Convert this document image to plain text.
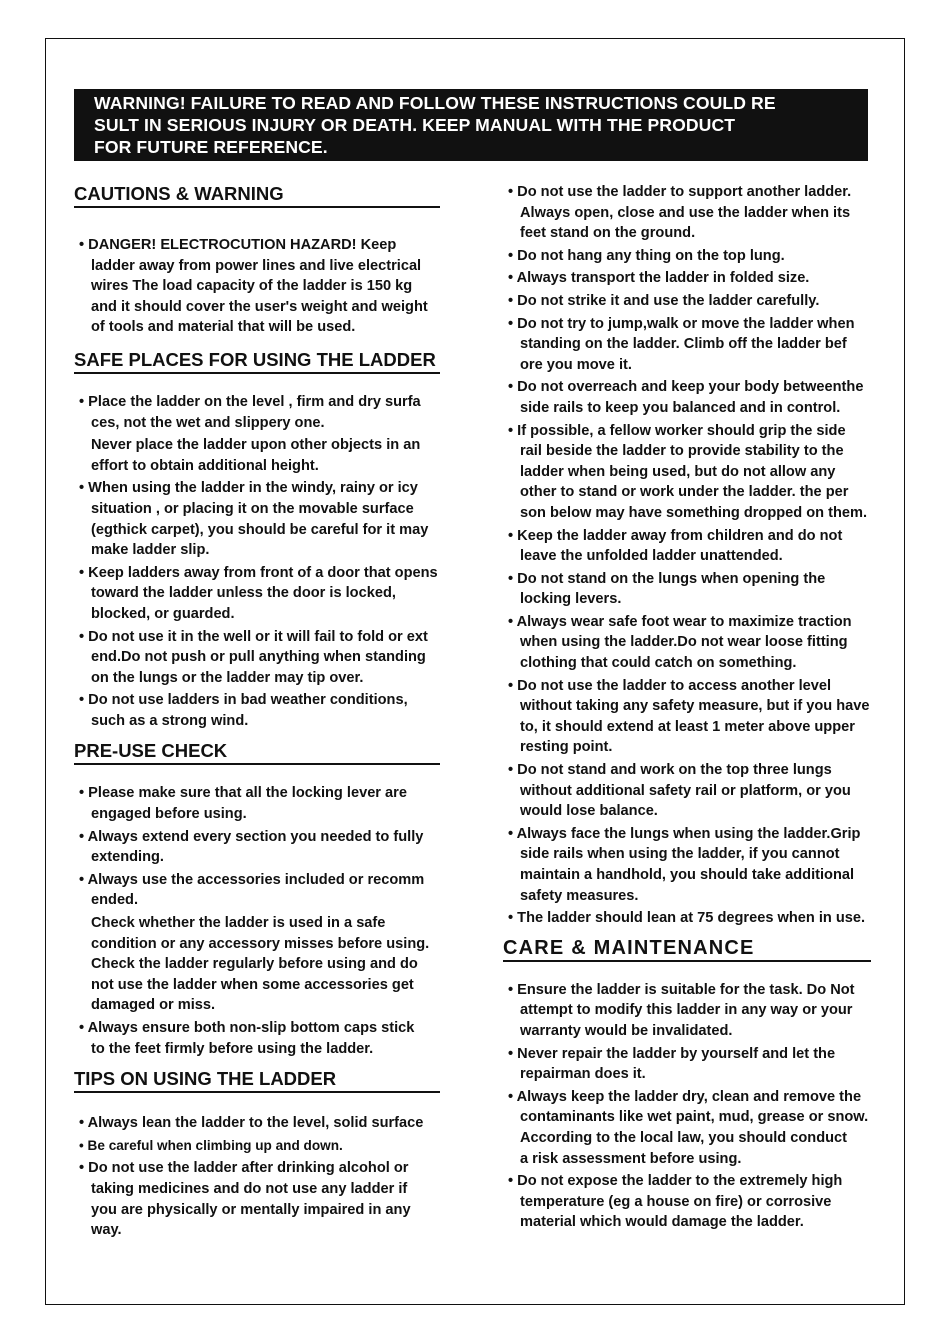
WARNING! FAILURE TO READ AND FOLLOW THESE INSTRUCTIONS COULD RE
SULT IN SERIOUS INJURY OR DEATH. KEEP MANUAL WITH THE PRODUCT
FOR FUTURE REFERENCE.
CAUTIONS & WARNING
• DANGER! ELECTROCUTION HAZARD! Keep
ladder away from power lines and live electrical
wires The load capacity of the ladder is 150 kg
and it should cover the user's weight and weight
of tools and material that will be used.
SAFE PLACES FOR USING THE LADDER
• Place the ladder on the level , firm and dry surfa
ces, not the wet and slippery one.
Never place the ladder upon other objects in an
effort to obtain additional height.
• When using the ladder in the windy, rainy or icy
situation , or placing it on the movable surface
(egthick carpet), you should be careful for it may
make ladder slip.
• Keep ladders away from front of a door that opens
toward the ladder unless the door is locked,
blocked, or guarded.
• Do not use it in the well or it will fail to fold or ext
end.Do not push or pull anything when standing
on the lungs or the ladder may tip over.
• Do not use ladders in bad weather conditions,
such as a strong wind.
PRE-USE CHECK
• Please make sure that all the locking lever are
engaged before using.
• Always extend every section you needed to fully
extending.
• Always use the accessories included or recomm
ended.
Check whether the ladder is used in a safe
condition or any accessory misses before using.
Check the ladder regularly before using and do
not use the ladder when some accessories get
damaged or miss.
• Always ensure both non-slip bottom caps stick
to the feet firmly before using the ladder.
TIPS ON USING THE LADDER
• Always lean the ladder to the level, solid surface
• Be careful when climbing up and down.
• Do not use the ladder after drinking alcohol or
taking medicines and do not use any ladder if
you are physically or mentally impaired in any
way.
• Do not use the ladder to support another ladder.
Always open, close and use the ladder when its
feet stand on the ground.
• Do not hang any thing on the top lung.
• Always transport the ladder in folded size.
• Do not strike it and use the ladder carefully.
• Do not try to jump,walk or move the ladder when
standing on the ladder. Climb off the ladder bef
ore you move it.
• Do not overreach and keep your body betweenthe
side rails to keep you balanced and in control.
• If possible, a fellow worker should grip the side
rail beside the ladder to provide stability to the
ladder when being used, but do not allow any
other to stand or work under the ladder. the per
son below may have something dropped on them.
• Keep the ladder away from children and do not
leave the unfolded ladder unattended.
• Do not stand on the lungs when opening the
locking levers.
• Always wear safe foot wear to maximize traction
when using the ladder.Do not wear loose fitting
clothing that could catch on something.
• Do not use the ladder to access another level
without taking any safety measure, but if you have
to, it should extend at least 1 meter above upper
resting point.
• Do not stand and work on the top three lungs
without additional safety rail or platform, or you
would lose balance.
• Always face the lungs when using the ladder.Grip
side rails when using the ladder, if you cannot
maintain a handhold, you should take additional
safety measures.
• The ladder should lean at 75 degrees when in use.
CARE & MAINTENANCE
• Ensure the ladder is suitable for the task. Do Not
attempt to modify this ladder in any way or your
warranty would be invalidated.
• Never repair the ladder by yourself and let the
repairman does it.
• Always keep the ladder dry, clean and remove the
contaminants like wet paint, mud, grease or snow.
According to the local law, you should conduct
a risk assessment before using.
• Do not expose the ladder to the extremely high
temperature (eg a house on fire) or corrosive
material which would damage the ladder.
